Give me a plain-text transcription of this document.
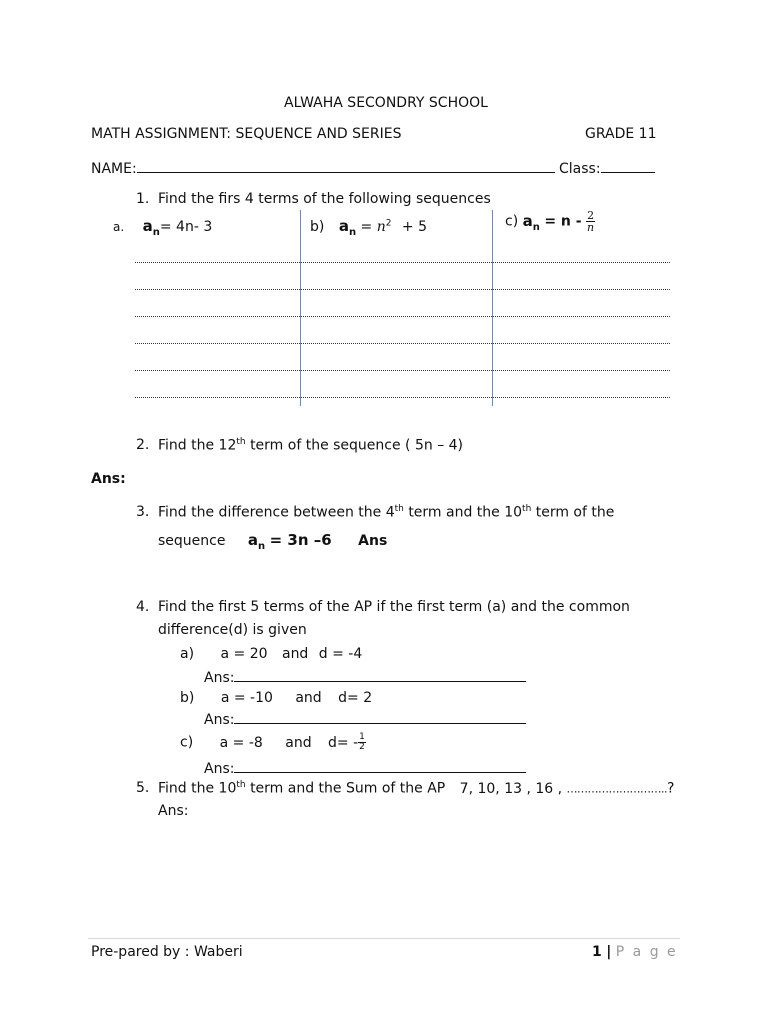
ALWAHA SECONDRY SCHOOL
MATH ASSIGNMENT: SEQUENCE AND SERIES	GRADE 11
NAME:	Class:
1. Find the firs 4 terms of the following sequences
a. $a_n= 4n-$ 3	b) $a_n = n^2 + 5$	c) $a_n = n - \frac{2}{n}$
2. Find the 12th term of the sequence ( 5n – 4)
Ans:
3. Find the difference between the 4th term and the 10th term of the
sequence $a_n = 3n$ –6 Ans
4. Find the first 5 terms of the AP if the first term (a) and the common
difference(d) is given
a) a = 20 and d = -4
Ans:
b) a = -10 and d= 2
Ans:
c) a = -8 and $d= - \frac{1}{2}$
Ans:
5. Find the 10th term and the Sum of the AP 7, 10, 13 , 16 , ………………………..?
Ans:
Pre-pared by : Waberi	1 | P a g e
